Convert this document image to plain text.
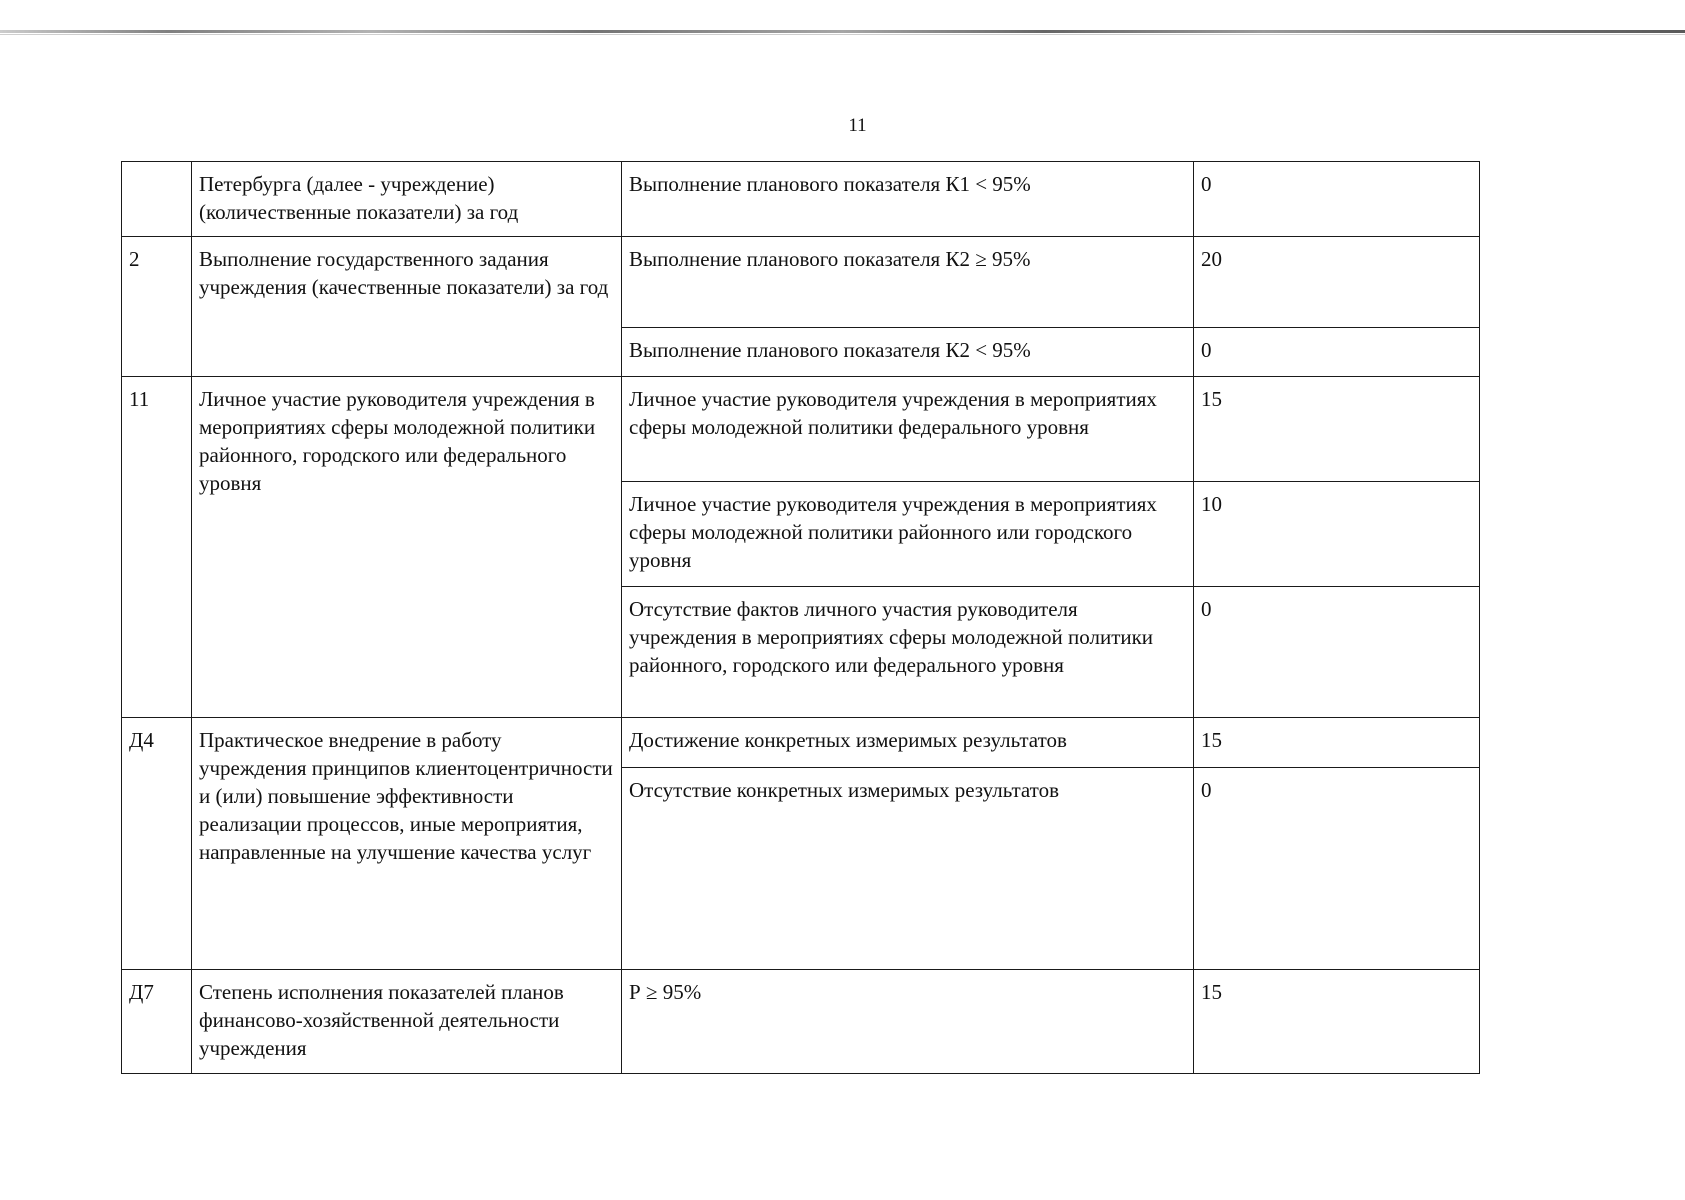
11
	Петербурга (далее - учреждение) (количественные показатели) за год	Выполнение планового показателя К1 < 95%	0
2	Выполнение государственного задания учреждения (качественные показатели) за год	Выполнение планового показателя К2 ≥ 95%	20
		Выполнение планового показателя К2 < 95%	0
11	Личное участие руководителя учреждения в мероприятиях сферы молодежной политики районного, городского или федерального уровня	Личное участие руководителя учреждения в мероприятиях сферы молодежной политики федерального уровня	15
		Личное участие руководителя учреждения в мероприятиях сферы молодежной политики районного или городского уровня	10
		Отсутствие фактов личного участия руководителя учреждения в мероприятиях сферы молодежной политики районного, городского или федерального уровня	0
Д4	Практическое внедрение в работу учреждения принципов клиентоцентричности и (или) повышение эффективности реализации процессов, иные мероприятия, направленные на улучшение качества услуг	Достижение конкретных измеримых результатов	15
		Отсутствие конкретных измеримых результатов	0
Д7	Степень исполнения показателей планов финансово-хозяйственной деятельности учреждения	Р ≥ 95%	15
